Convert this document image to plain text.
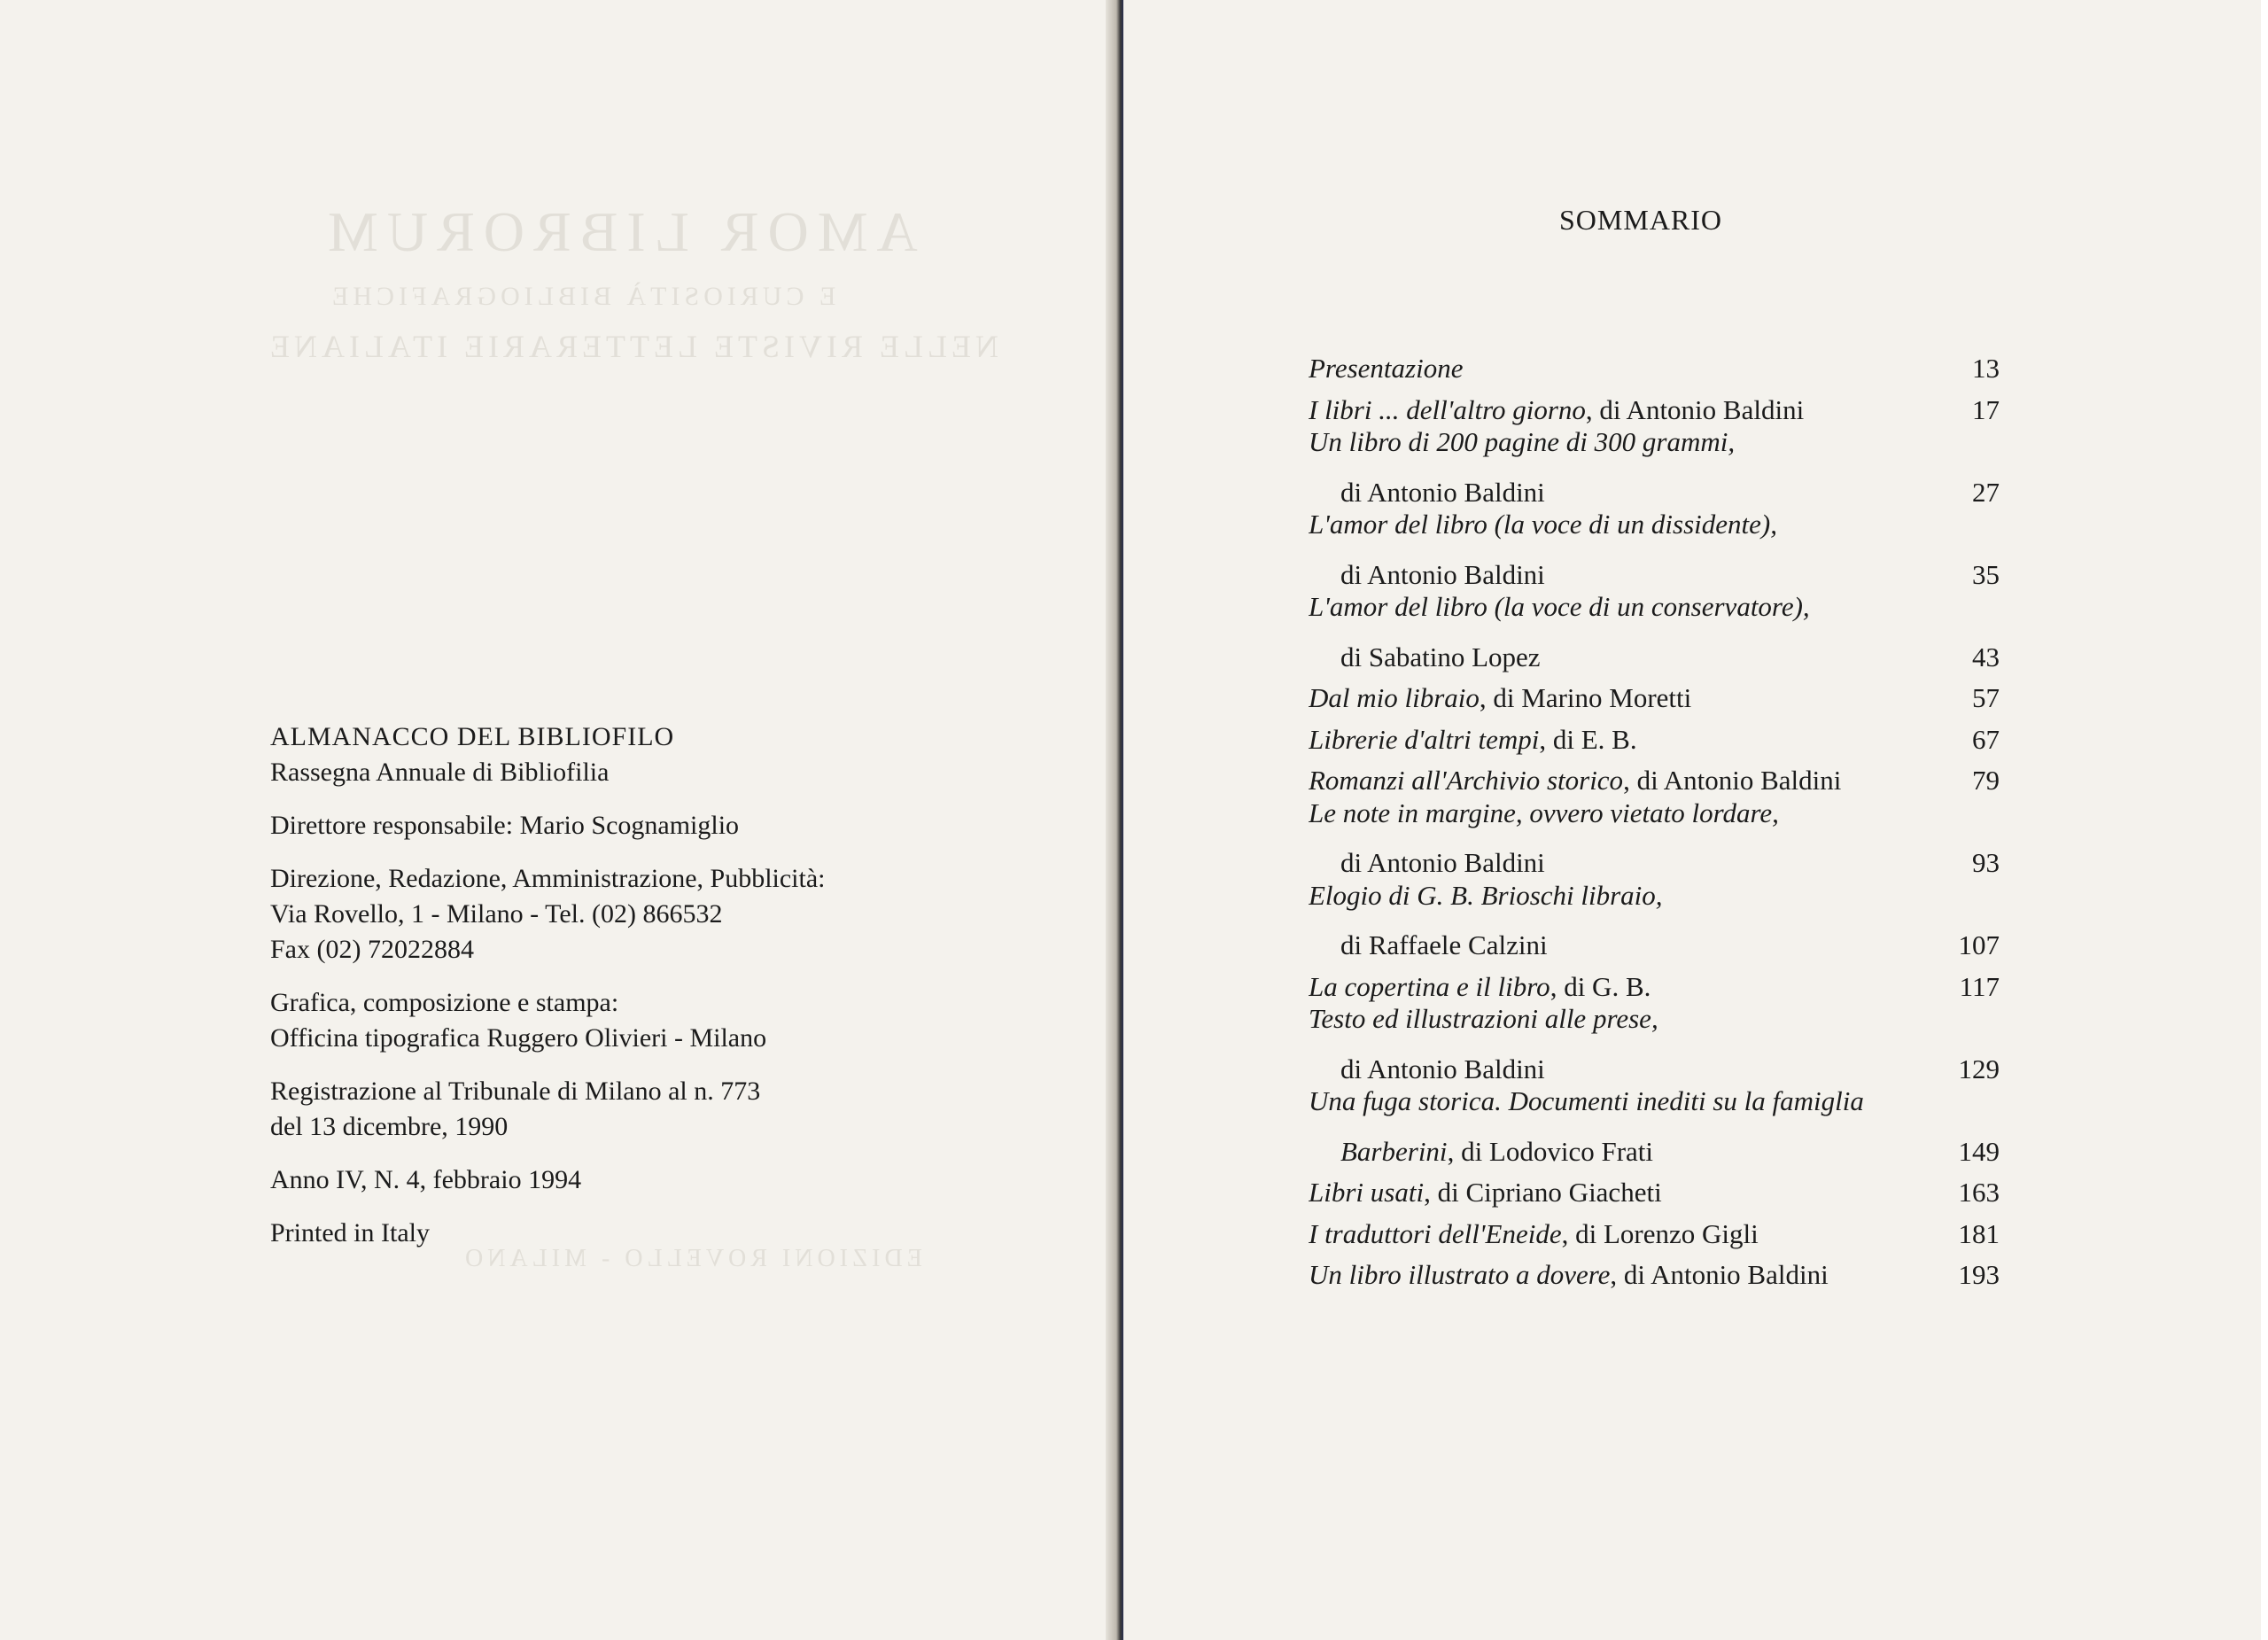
AMOR LIBRORUM
E CURIOSITÀ BIBLIOGRAFICHE
NELLE RIVISTE LETTERARIE ITALIANE
EDIZIONI ROVELLO - MILANO
ALMANACCO DEL BIBLIOFILO
Rassegna Annuale di Bibliofilia
Direttore responsabile: Mario Scognamiglio
Direzione, Redazione, Amministrazione, Pubblicità:
Via Rovello, 1 - Milano - Tel. (02) 866532
Fax (02) 72022884
Grafica, composizione e stampa:
Officina tipografica Ruggero Olivieri - Milano
Registrazione al Tribunale di Milano al n. 773
del 13 dicembre, 1990
Anno IV, N. 4, febbraio 1994
Printed in Italy
SOMMARIO
Presentazione	13
I libri ... dell'altro giorno, di Antonio Baldini	17
Un libro di 200 pagine di 300 grammi,
di Antonio Baldini	27
L'amor del libro (la voce di un dissidente),
di Antonio Baldini	35
L'amor del libro (la voce di un conservatore),
di Sabatino Lopez	43
Dal mio libraio, di Marino Moretti	57
Librerie d'altri tempi, di E. B.	67
Romanzi all'Archivio storico, di Antonio Baldini	79
Le note in margine, ovvero vietato lordare,
di Antonio Baldini	93
Elogio di G. B. Brioschi libraio,
di Raffaele Calzini	107
La copertina e il libro, di G. B.	117
Testo ed illustrazioni alle prese,
di Antonio Baldini	129
Una fuga storica. Documenti inediti su la famiglia
Barberini, di Lodovico Frati	149
Libri usati, di Cipriano Giacheti	163
I traduttori dell'Eneide, di Lorenzo Gigli	181
Un libro illustrato a dovere, di Antonio Baldini	193
